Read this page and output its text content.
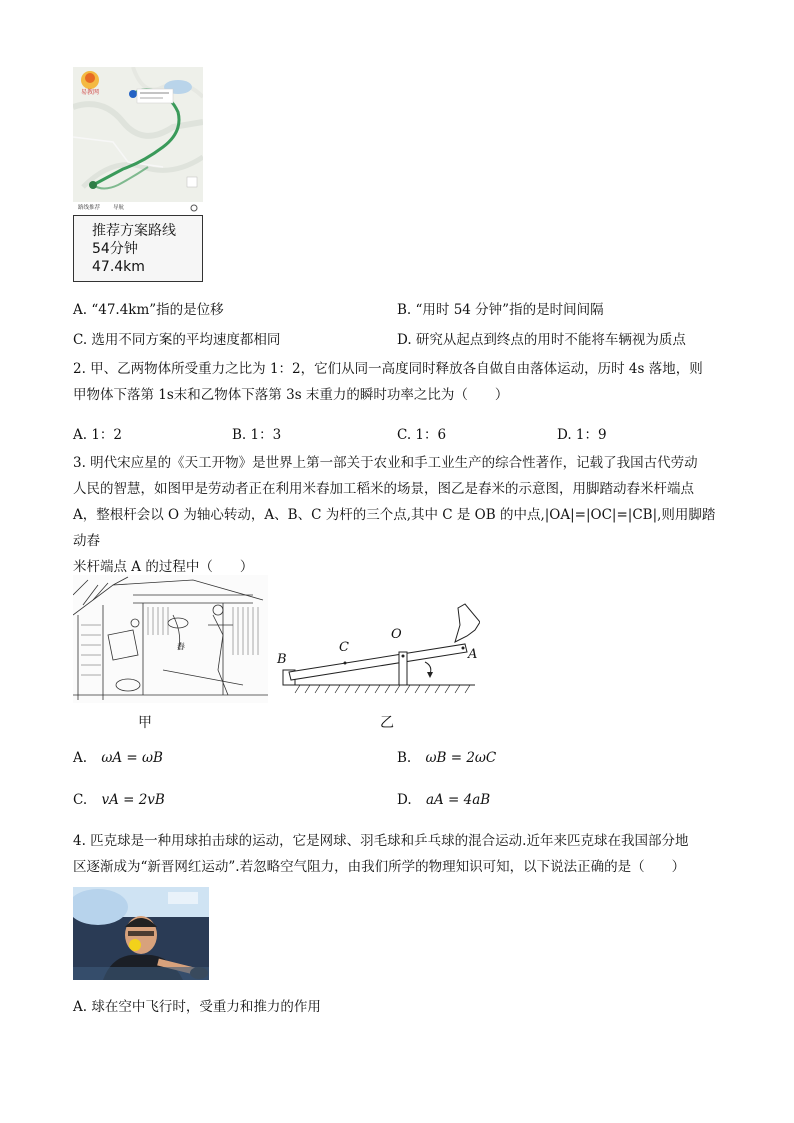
易教网
路线推荐 导航
推荐方案路线
54分钟
47.4km
A. “47.4km”指的是位移	B. “用时 54 分钟”指的是时间间隔
C. 选用不同方案的平均速度都相同	D. 研究从起点到终点的用时不能将车辆视为质点
2. 甲、乙两物体所受重力之比为 1：2，它们从同一高度同时释放各自做自由落体运动，历时 4s 落地，则
甲物体下落第 1s末和乙物体下落第 3s 末重力的瞬时功率之比为（　　）
A. 1：2	B. 1：3	C. 1：6	D. 1：9
3. 明代宋应星的《天工开物》是世界上第一部关于农业和手工业生产的综合性著作，记载了我国古代劳动
人民的智慧，如图甲是劳动者正在利用米舂加工稻米的场景，图乙是舂米的示意图，用脚踏动舂米杆端点
A，整根杆会以 O 为轴心转动，A、B、C 为杆的三个点,其中 C 是 OB 的中点,|OA|=|OC|=|CB|,则用脚踏动舂
米杆端点 A 的过程中（　　）
舂
甲
B
C
O
A
乙
A. ωA = ωB	B. ωB = 2ωC
C. vA = 2vB	D. aA = 4aB
4. 匹克球是一种用球拍击球的运动，它是网球、羽毛球和乒乓球的混合运动.近年来匹克球在我国部分地
区逐渐成为“新晋网红运动”.若忽略空气阻力，由我们所学的物理知识可知，以下说法正确的是（　　）
A. 球在空中飞行时，受重力和推力的作用
